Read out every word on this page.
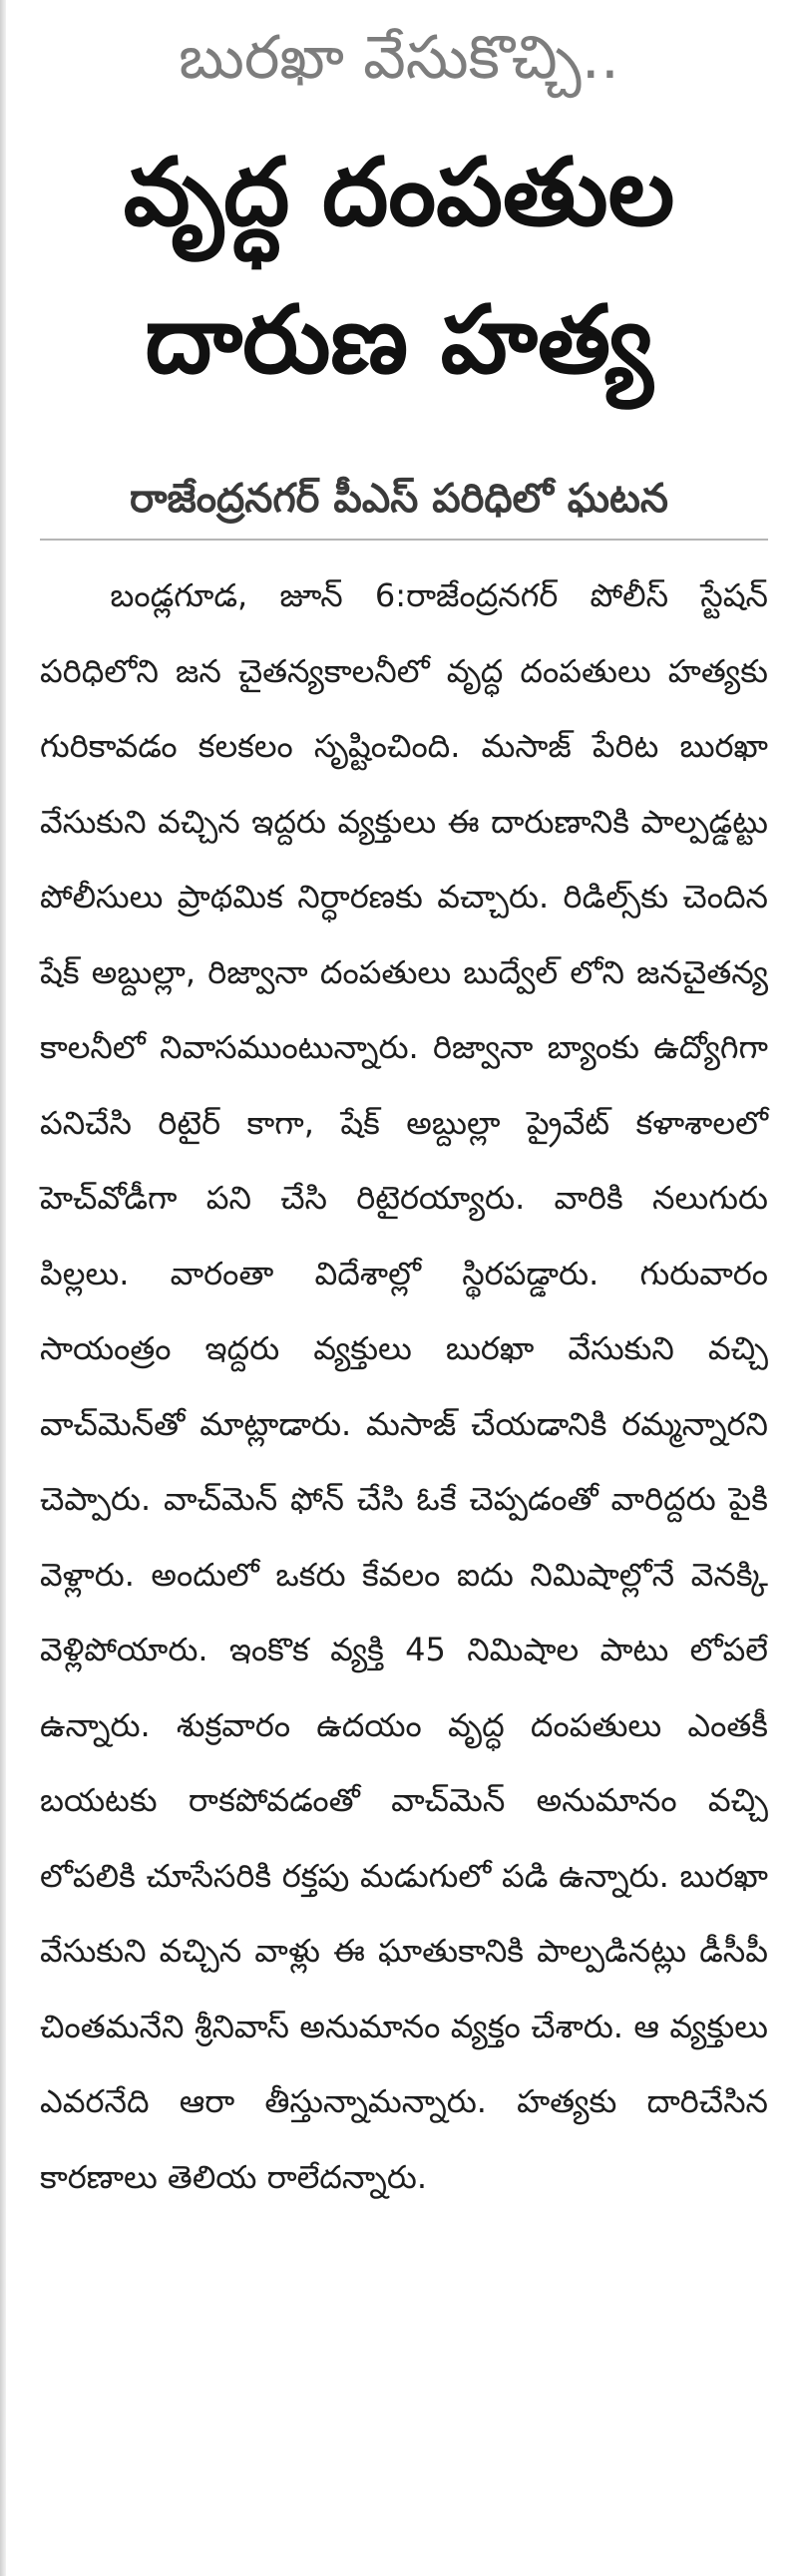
బురఖా వేసుకొచ్చి..
వృద్ధ దంపతుల
దారుణ హత్య
రాజేంద్రనగర్‌ పీఎస్‌ పరిధిలో ఘటన

బండ్లగూడ, జూన్‌ 6:రాజేంద్రనగర్‌ పోలీస్‌ స్టేషన్‌ పరిధిలోని జన చైతన్యకాలనీలో వృద్ధ దంపతులు హత్యకు గురికావడం కలకలం సృష్టించింది. మసాజ్‌ పేరిట బురఖా వేసుకుని వచ్చిన ఇద్దరు వ్యక్తులు ఈ దారుణానికి పాల్పడ్డట్టు పోలీసులు ప్రాథమిక నిర్ధారణకు వచ్చారు. రిడిల్స్‌కు చెందిన షేక్‌ అబ్దుల్లా, రిజ్వానా దంపతులు బుద్వేల్‌ లోని జనచైతన్య కాలనీలో నివాసముంటున్నారు. రిజ్వానా బ్యాంకు ఉద్యోగిగా పనిచేసి రిటైర్‌ కాగా, షేక్‌ అబ్దుల్లా ప్రైవేట్‌ కళాశాలలో హెచ్‌వోడీగా పని చేసి రిటైరయ్యారు. వారికి నలుగురు పిల్లలు. వారంతా విదేశాల్లో స్థిరపడ్డారు. గురువారం సాయంత్రం ఇద్దరు వ్యక్తులు బురఖా వేసుకుని వచ్చి వాచ్‌మెన్‌తో మాట్లాడారు. మసాజ్‌ చేయడానికి రమ్మన్నారని చెప్పారు. వాచ్‌మెన్‌ ఫోన్‌ చేసి ఓకే చెప్పడంతో వారిద్దరు పైకి వెళ్లారు. అందులో ఒకరు కేవలం ఐదు నిమిషాల్లోనే వెనక్కి వెళ్లిపోయారు. ఇంకొక వ్యక్తి 45 నిమిషాల పాటు లోపలే ఉన్నారు. శుక్రవారం ఉదయం వృద్ధ దంపతులు ఎంతకీ బయటకు రాకపోవడంతో వాచ్‌మెన్‌ అనుమానం వచ్చి లోపలికి చూసేసరికి రక్తపు మడుగులో పడి ఉన్నారు. బురఖా వేసుకుని వచ్చిన వాళ్లు ఈ ఘాతుకానికి పాల్పడినట్లు డీసీపీ చింతమనేని శ్రీనివాస్‌ అనుమానం వ్యక్తం చేశారు. ఆ వ్యక్తులు ఎవరనేది ఆరా తీస్తున్నామన్నారు. హత్యకు దారిచేసిన కారణాలు తెలియ రాలేదన్నారు.
